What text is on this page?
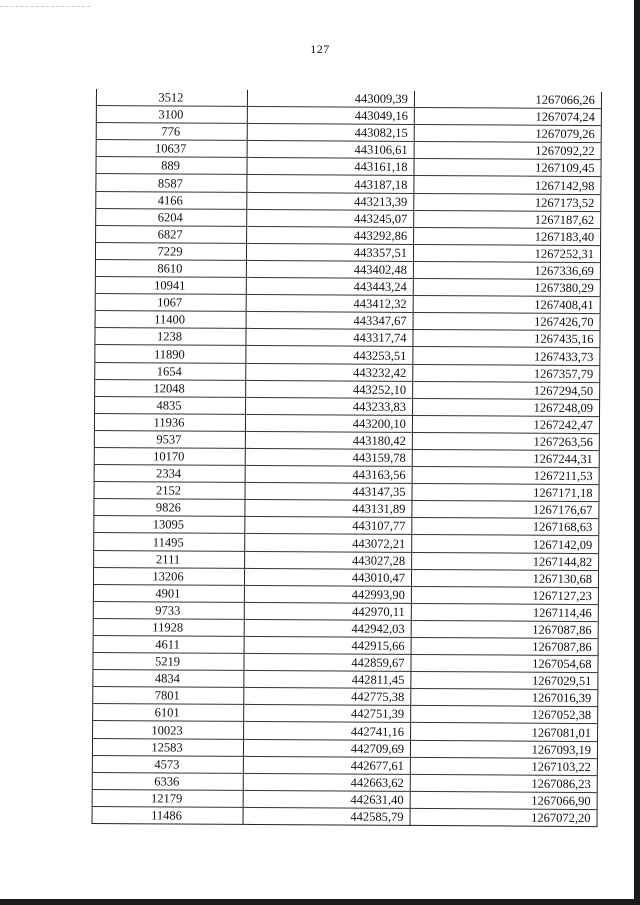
127
3512	443009,39	1267066,26
3100	443049,16	1267074,24
776	443082,15	1267079,26
10637	443106,61	1267092,22
889	443161,18	1267109,45
8587	443187,18	1267142,98
4166	443213,39	1267173,52
6204	443245,07	1267187,62
6827	443292,86	1267183,40
7229	443357,51	1267252,31
8610	443402,48	1267336,69
10941	443443,24	1267380,29
1067	443412,32	1267408,41
11400	443347,67	1267426,70
1238	443317,74	1267435,16
11890	443253,51	1267433,73
1654	443232,42	1267357,79
12048	443252,10	1267294,50
4835	443233,83	1267248,09
11936	443200,10	1267242,47
9537	443180,42	1267263,56
10170	443159,78	1267244,31
2334	443163,56	1267211,53
2152	443147,35	1267171,18
9826	443131,89	1267176,67
13095	443107,77	1267168,63
11495	443072,21	1267142,09
2111	443027,28	1267144,82
13206	443010,47	1267130,68
4901	442993,90	1267127,23
9733	442970,11	1267114,46
11928	442942,03	1267087,86
4611	442915,66	1267087,86
5219	442859,67	1267054,68
4834	442811,45	1267029,51
7801	442775,38	1267016,39
6101	442751,39	1267052,38
10023	442741,16	1267081,01
12583	442709,69	1267093,19
4573	442677,61	1267103,22
6336	442663,62	1267086,23
12179	442631,40	1267066,90
11486	442585,79	1267072,20
